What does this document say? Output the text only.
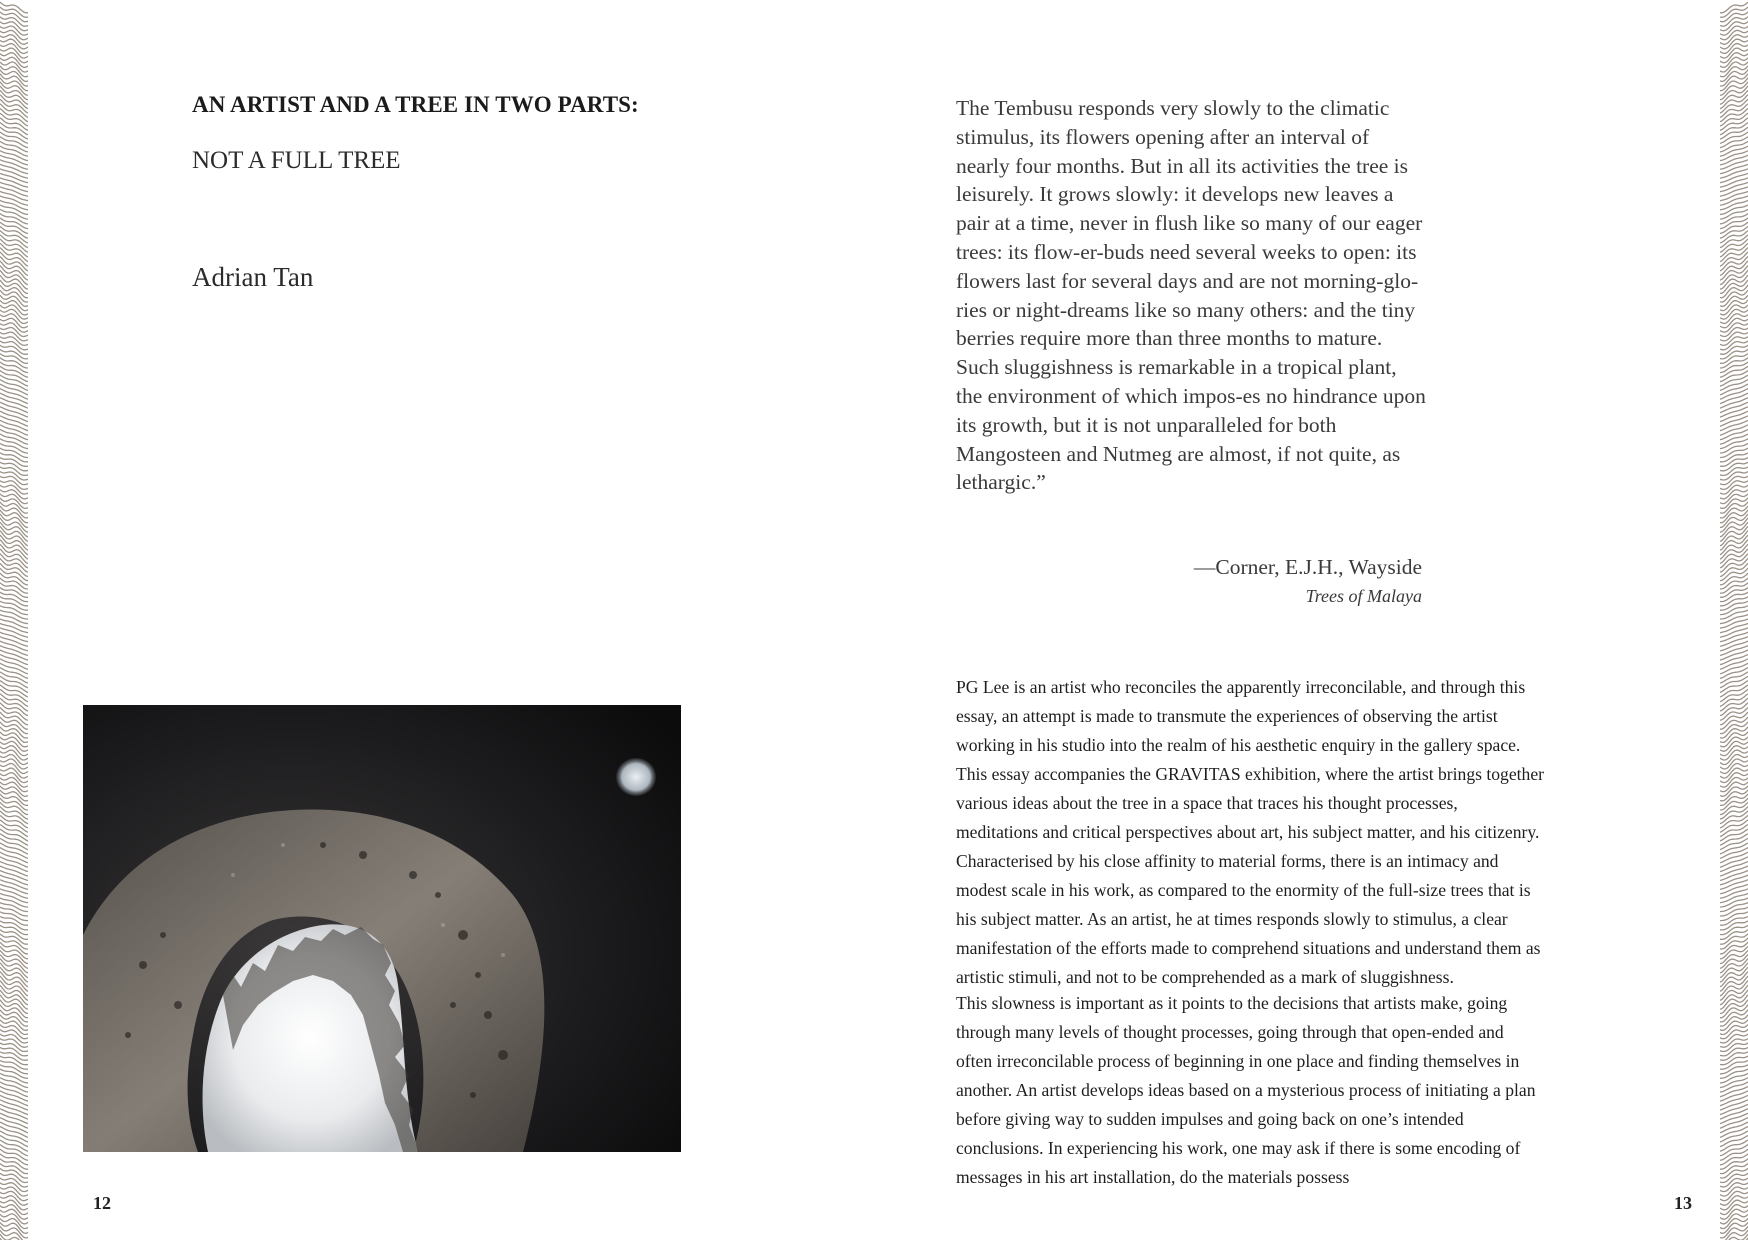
AN ARTIST AND A TREE IN TWO PARTS:
NOT A FULL TREE
Adrian Tan
12

The Tembusu responds very slowly to the climatic stimulus, its flowers opening after an interval of nearly four months. But in all its activities the tree is leisurely. It grows slowly: it develops new leaves a pair at a time, never in flush like so many of our eager trees: its flow-er-buds need several weeks to open: its flowers last for several days and are not morning-glo-ries or night-dreams like so many others: and the tiny berries require more than three months to mature. Such sluggishness is remarkable in a tropical plant, the environment of which impos-es no hindrance upon its growth, but it is not unparalleled for both Mangosteen and Nutmeg are almost, if not quite, as lethargic.”

—Corner, E.J.H., Wayside

Trees of Malaya

PG Lee is an artist who reconciles the apparently irreconcilable, and through this essay, an attempt is made to transmute the experiences of observing the artist working in his studio into the realm of his aesthetic enquiry in the gallery space. This essay accompanies the GRAVITAS exhibition, where the artist brings together various ideas about the tree in a space that traces his thought processes, meditations and critical perspectives about art, his subject matter, and his citizenry. Characterised by his close affinity to material forms, there is an intimacy and modest scale in his work, as compared to the enormity of the full-size trees that is his subject matter. As an artist, he at times responds slowly to stimulus, a clear manifestation of the efforts made to comprehend situations and understand them as artistic stimuli, and not to be comprehended as a mark of sluggishness.

This slowness is important as it points to the decisions that artists make, going through many levels of thought processes, going through that open-ended and often irreconcilable process of beginning in one place and finding themselves in another. An artist develops ideas based on a mysterious process of initiating a plan before giving way to sudden impulses and going back on one’s intended conclusions. In experiencing his work, one may ask if there is some encoding of messages in his art installation, do the materials possess

13
